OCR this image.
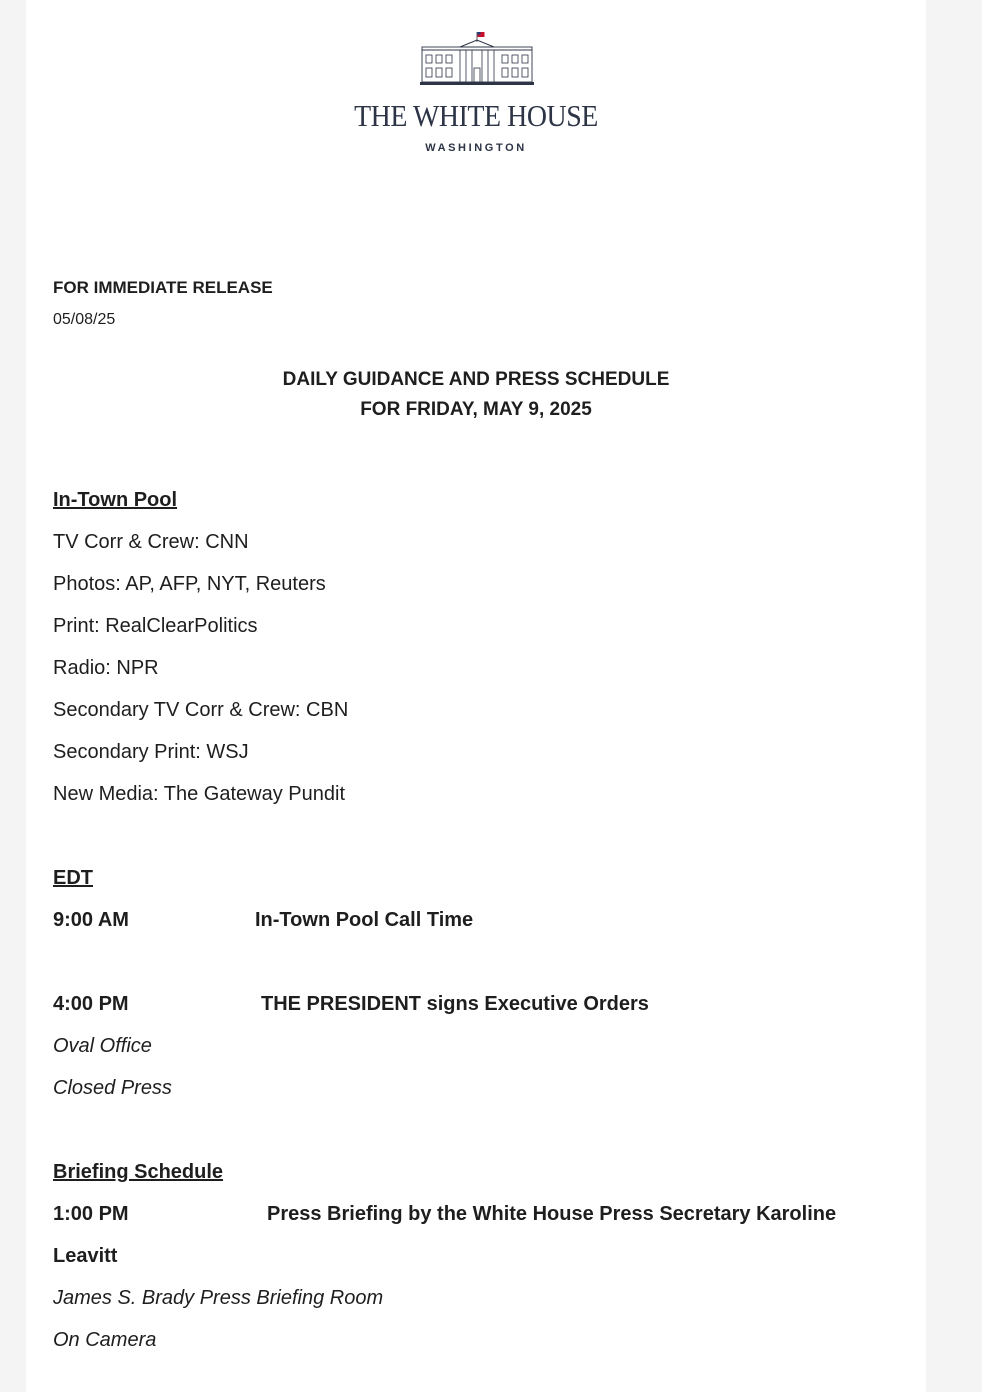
THE WHITE HOUSE
WASHINGTON
FOR IMMEDIATE RELEASE
05/08/25
DAILY GUIDANCE AND PRESS SCHEDULE
FOR FRIDAY, MAY 9, 2025
In-Town Pool
TV Corr & Crew: CNN
Photos: AP, AFP, NYT, Reuters
Print: RealClearPolitics
Radio: NPR
Secondary TV Corr & Crew: CBN
Secondary Print: WSJ
New Media: The Gateway Pundit
EDT
9:00 AM	In-Town Pool Call Time
4:00 PM	THE PRESIDENT signs Executive Orders
Oval Office
Closed Press
Briefing Schedule
1:00 PM	Press Briefing by the White House Press Secretary Karoline
Leavitt
James S. Brady Press Briefing Room
On Camera
